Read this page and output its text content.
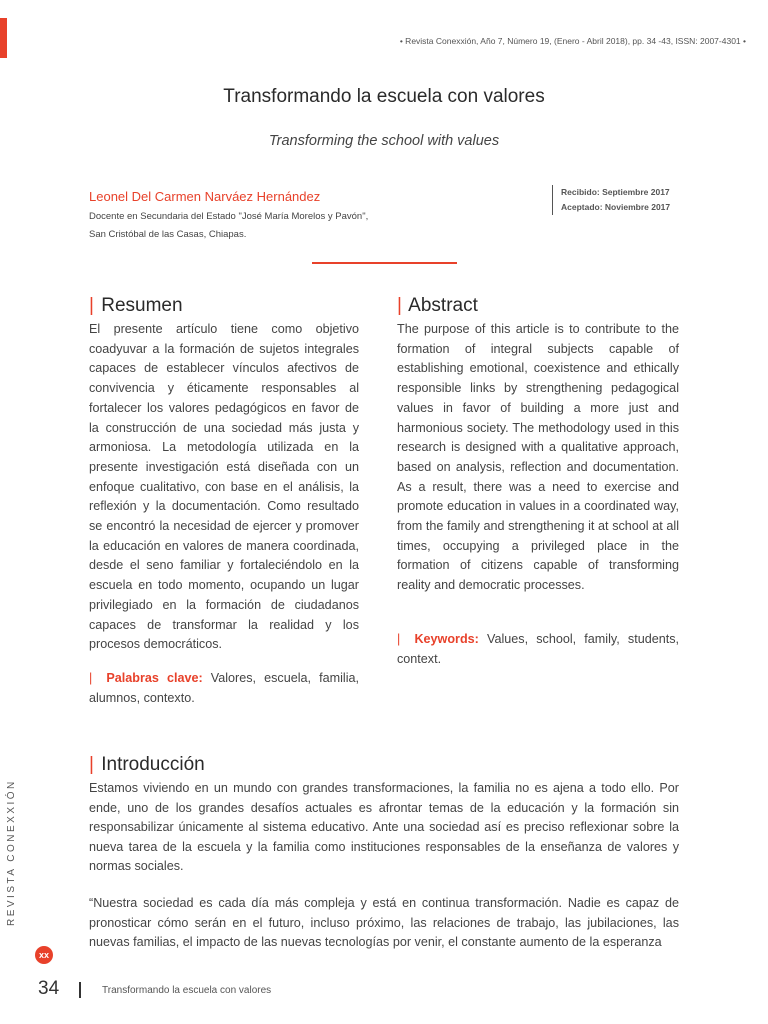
• Revista Conexxión, Año 7, Número 19, (Enero - Abril 2018), pp. 34 -43, ISSN: 2007-4301 •
Transformando la escuela con valores
Transforming the school with values
Leonel Del Carmen Narváez Hernández
Docente en Secundaria del Estado "José María Morelos y Pavón",
San Cristóbal de las Casas, Chiapas.
Recibido: Septiembre 2017
Aceptado: Noviembre 2017
| Resumen
El presente artículo tiene como objetivo coadyuvar a la formación de sujetos integrales capaces de establecer vínculos afectivos de convivencia y éticamente responsables al fortalecer los valores pedagógicos en favor de la construcción de una sociedad más justa y armoniosa. La metodología utilizada en la presente investigación está diseñada con un enfoque cualitativo, con base en el análisis, la reflexión y la documentación. Como resultado se encontró la necesidad de ejercer y promover la educación en valores de manera coordinada, desde el seno familiar y fortaleciéndolo en la escuela en todo momento, ocupando un lugar privilegiado en la formación de ciudadanos capaces de transformar la realidad y los procesos democráticos.
| Palabras clave: Valores, escuela, familia, alumnos, contexto.
| Abstract
The purpose of this article is to contribute to the formation of integral subjects capable of establishing emotional, coexistence and ethically responsible links by strengthening pedagogical values in favor of building a more just and harmonious society. The methodology used in this research is designed with a qualitative approach, based on analysis, reflection and documentation. As a result, there was a need to exercise and promote education in values in a coordinated way, from the family and strengthening it at school at all times, occupying a privileged place in the formation of citizens capable of transforming reality and democratic processes.
| Keywords: Values, school, family, students, context.
| Introducción
Estamos viviendo en un mundo con grandes transformaciones, la familia no es ajena a todo ello. Por ende, uno de los grandes desafíos actuales es afrontar temas de la educación y la formación sin responsabilizar únicamente al sistema educativo. Ante una sociedad así es preciso reflexionar sobre la nueva tarea de la escuela y la familia como instituciones responsables de la enseñanza de valores y normas sociales.
“Nuestra sociedad es cada día más compleja y está en continua transformación. Nadie es capaz de pronosticar cómo serán en el futuro, incluso próximo, las relaciones de trabajo, las jubilaciones, las nuevas familias, el impacto de las nuevas tecnologías por venir, el constante aumento de la esperanza
REVISTA CONEXXIÓN
xx
34	Transformando la escuela con valores
